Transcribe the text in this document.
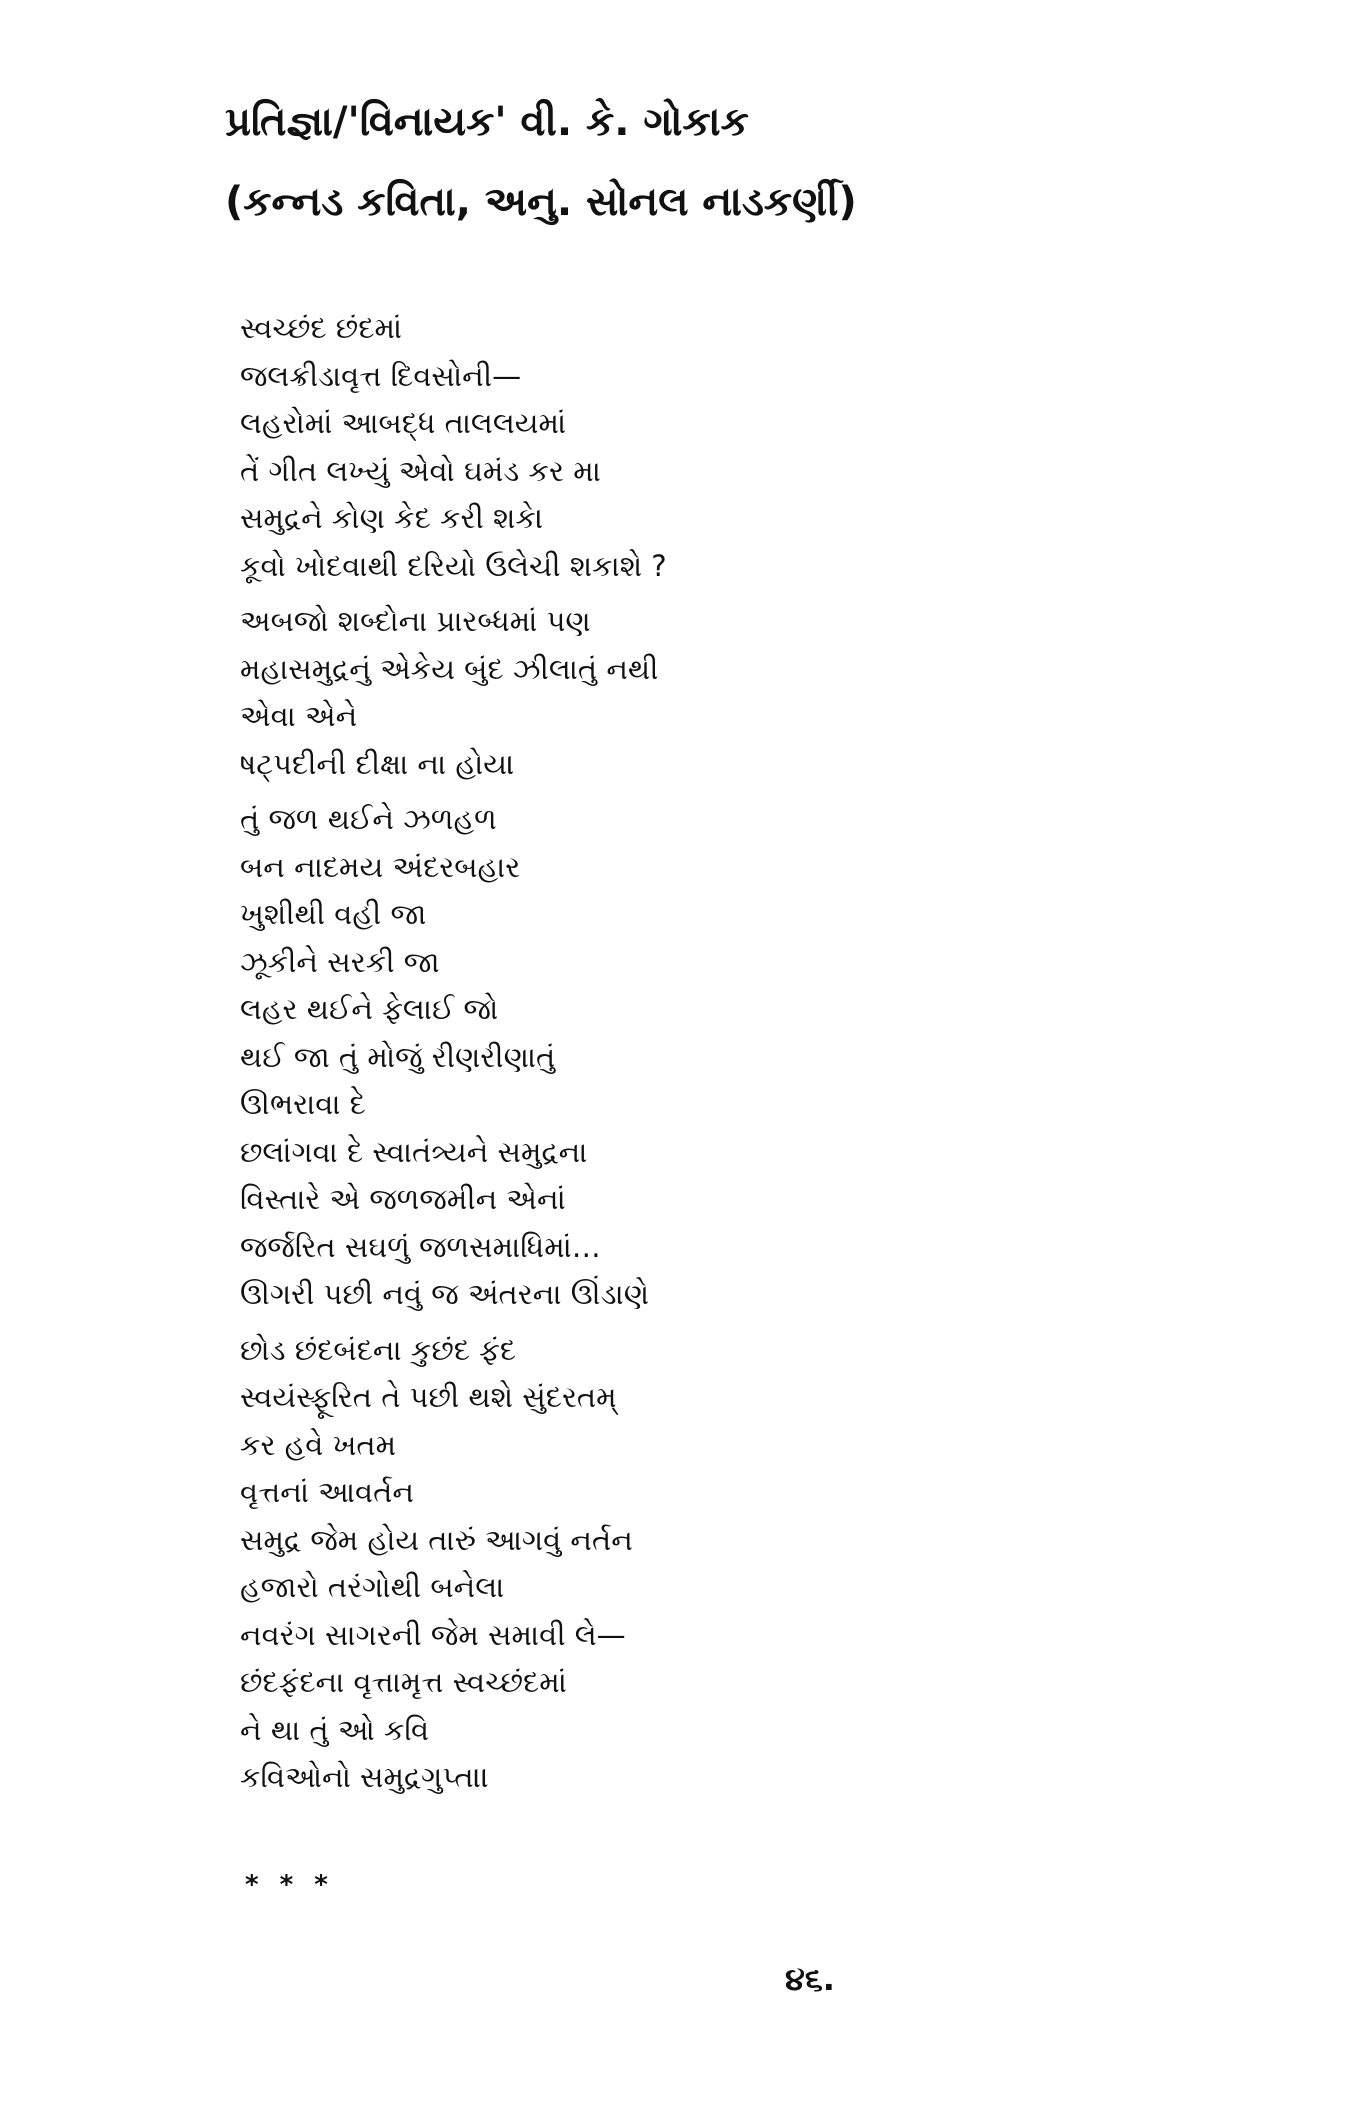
પ્રતિજ્ઞા/'વિનાયક' વી. કે. ગોકાક
(કન્નડ કવિતા, અનુ. સોનલ નાડકર્ણી)
સ્વચ્છંદ છંદમાં
જલક્રીડાવૃત્ત દિવસોની—
લહરોમાં આબદ્ધ તાલલયમાં
તેં ગીત લખ્યું એવો ઘમંડ કર મા
સમુદ્રને કોણ કેદ કરી શકે।
કૂવો ખોદવાથી દરિયો ઉલેચી શકાશે ?
અબજો શબ્દોના પ્રારબ્ધમાં પણ
મહાસમુદ્રનું એકેય બુંદ ઝીલાતું નથી
એવા એને
ષટ્પદીની દીક્ષા ના હોય।
તું જળ થઈને ઝળહળ
બન નાદમય અંદરબહાર
ખુશીથી વહી જા
ઝૂકીને સરકી જા
લહર થઈને ફેલાઈ જો
થઈ જા તું મોજું રીણરીણાતું
ઊભરાવા દે
છલાંગવા દે સ્વાતંત્ર્યને સમુદ્રના
વિસ્તારે એ જળજમીન એનાં
જર્જરિત સઘળું જળસમાધિમાં…
ઊગરી પછી નવું જ અંતરના ઊંડાણે
છોડ છંદબંદના કુછંદ ફંદ
સ્વયંસ્ફૂરિત તે પછી થશે સુંદરતમ્
કર હવે ખતમ
વૃત્તનાં આવર્તન
સમુદ્ર જેમ હોય તારું આગવું નર્તન
હજારો તરંગોથી બનેલા
નવરંગ સાગરની જેમ સમાવી લે—
છંદફંદના વૃત્તામૃત્ત સ્વચ્છંદમાં
ને થા તું ઓ કવિ
કવિઓનો સમુદ્રગુપ્ત।।
* * *
૪૬.
